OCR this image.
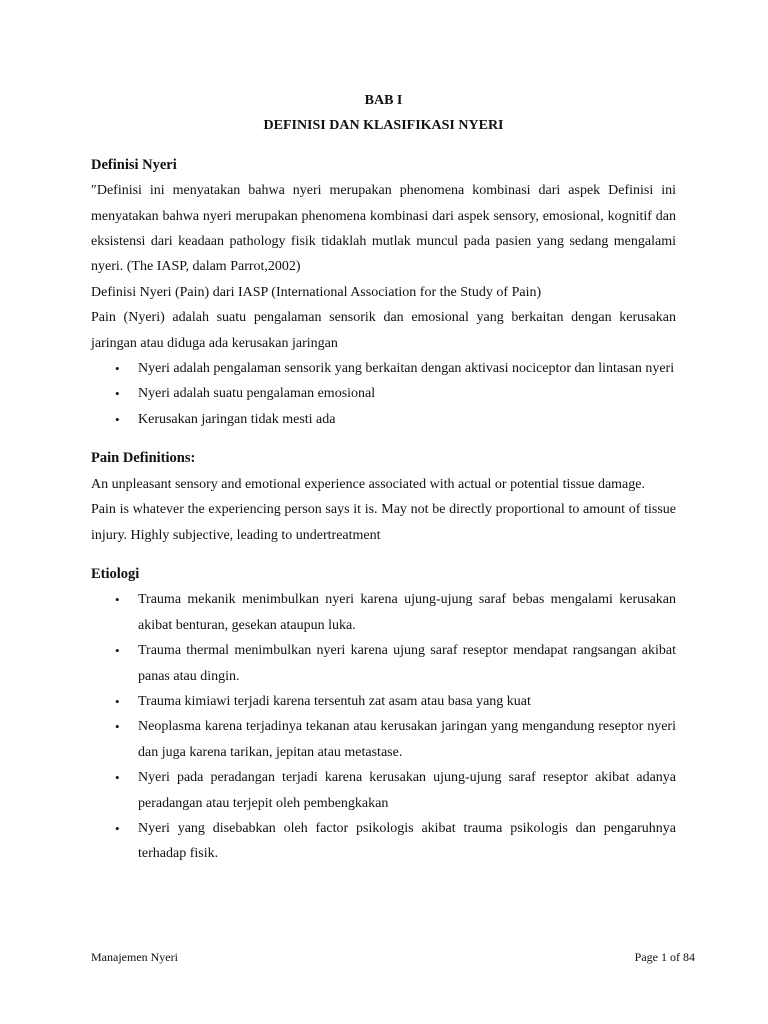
BAB I
DEFINISI DAN KLASIFIKASI NYERI
Definisi Nyeri
″Definisi ini menyatakan bahwa nyeri merupakan phenomena kombinasi dari aspek Definisi ini menyatakan bahwa nyeri merupakan phenomena kombinasi dari aspek sensory, emosional, kognitif dan eksistensi dari keadaan pathology fisik tidaklah mutlak muncul pada pasien yang sedang mengalami nyeri. (The IASP, dalam Parrot,2002)
Definisi Nyeri (Pain) dari IASP (International Association for the Study of Pain)
Pain (Nyeri) adalah suatu pengalaman sensorik dan emosional yang berkaitan dengan kerusakan jaringan atau diduga ada kerusakan jaringan
• Nyeri adalah pengalaman sensorik yang berkaitan dengan aktivasi nociceptor dan lintasan nyeri
• Nyeri adalah suatu pengalaman emosional
• Kerusakan jaringan tidak mesti ada
Pain Definitions:
An unpleasant sensory and emotional experience associated with actual or potential tissue damage.
Pain is whatever the experiencing person says it is. May not be directly proportional to amount of tissue injury. Highly subjective, leading to undertreatment
Etiologi
• Trauma mekanik menimbulkan nyeri karena ujung-ujung saraf bebas mengalami kerusakan akibat benturan, gesekan ataupun luka.
• Trauma thermal menimbulkan nyeri karena ujung saraf reseptor mendapat rangsangan akibat panas atau dingin.
• Trauma kimiawi terjadi karena tersentuh zat asam atau basa yang kuat
• Neoplasma karena terjadinya tekanan atau kerusakan jaringan yang mengandung reseptor nyeri dan juga karena tarikan, jepitan atau metastase.
• Nyeri pada peradangan terjadi karena kerusakan ujung-ujung saraf reseptor akibat adanya peradangan atau terjepit oleh pembengkakan
• Nyeri yang disebabkan oleh factor psikologis akibat trauma psikologis dan pengaruhnya terhadap fisik.
Manajemen Nyeri	Page 1 of 84
